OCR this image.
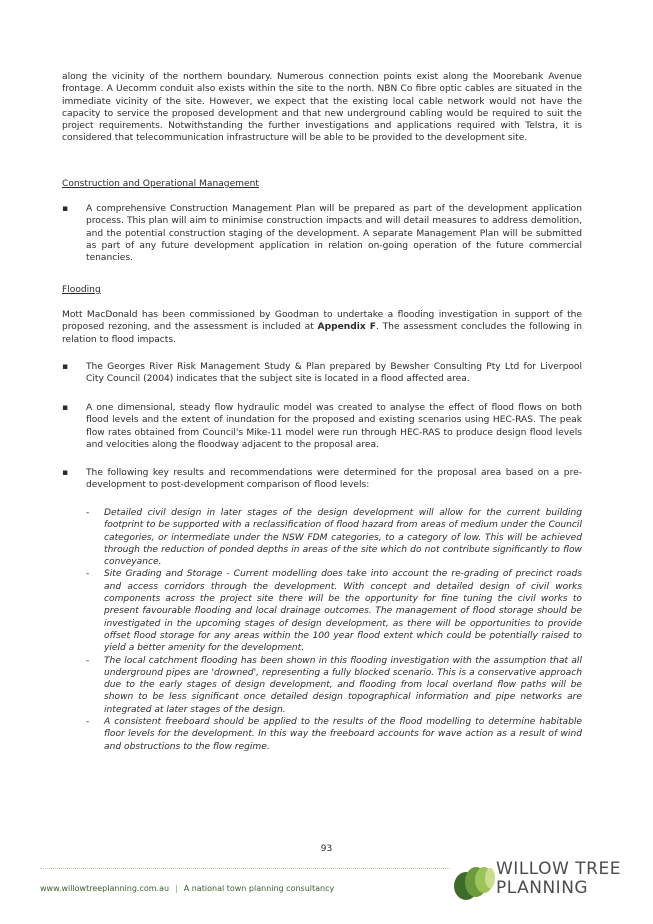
along the vicinity of the northern boundary. Numerous connection points exist along the Moorebank Avenue frontage. A Uecomm conduit also exists within the site to the north. NBN Co fibre optic cables are situated in the immediate vicinity of the site. However, we expect that the existing local cable network would not have the capacity to service the proposed development and that new underground cabling would be required to suit the project requirements. Notwithstanding the further investigations and applications required with Telstra, it is considered that telecommunication infrastructure will be able to be provided to the development site.

Construction and Operational Management
▪ A comprehensive Construction Management Plan will be prepared as part of the development application process. This plan will aim to minimise construction impacts and will detail measures to address demolition, and the potential construction staging of the development. A separate Management Plan will be submitted as part of any future development application in relation on-going operation of the future commercial tenancies.

Flooding

Mott MacDonald has been commissioned by Goodman to undertake a flooding investigation in support of the proposed rezoning, and the assessment is included at Appendix F. The assessment concludes the following in relation to flood impacts.

▪ The Georges River Risk Management Study & Plan prepared by Bewsher Consulting Pty Ltd for Liverpool City Council (2004) indicates that the subject site is located in a flood affected area.

▪ A one dimensional, steady flow hydraulic model was created to analyse the effect of flood flows on both flood levels and the extent of inundation for the proposed and existing scenarios using HEC-RAS. The peak flow rates obtained from Council's Mike-11 model were run through HEC-RAS to produce design flood levels and velocities along the floodway adjacent to the proposal area.

▪ The following key results and recommendations were determined for the proposal area based on a pre-development to post-development comparison of flood levels:

- Detailed civil design in later stages of the design development will allow for the current building footprint to be supported with a reclassification of flood hazard from areas of medium under the Council categories, or intermediate under the NSW FDM categories, to a category of low. This will be achieved through the reduction of ponded depths in areas of the site which do not contribute significantly to flow conveyance.

- Site Grading and Storage - Current modelling does take into account the re-grading of precinct roads and access corridors through the development. With concept and detailed design of civil works components across the project site there will be the opportunity for fine tuning the civil works to present favourable flooding and local drainage outcomes. The management of flood storage should be investigated in the upcoming stages of design development, as there will be opportunities to provide offset flood storage for any areas within the 100 year flood extent which could be potentially raised to yield a better amenity for the development.

- The local catchment flooding has been shown in this flooding investigation with the assumption that all underground pipes are 'drowned', representing a fully blocked scenario. This is a conservative approach due to the early stages of design development, and flooding from local overland flow paths will be shown to be less significant once detailed design topographical information and pipe networks are integrated at later stages of the design.

- A consistent freeboard should be applied to the results of the flood modelling to determine habitable floor levels for the development. In this way the freeboard accounts for wave action as a result of wind and obstructions to the flow regime.

93
www.willowtreeplanning.com.au | A national town planning consultancy
WILLOW TREE
PLANNING
